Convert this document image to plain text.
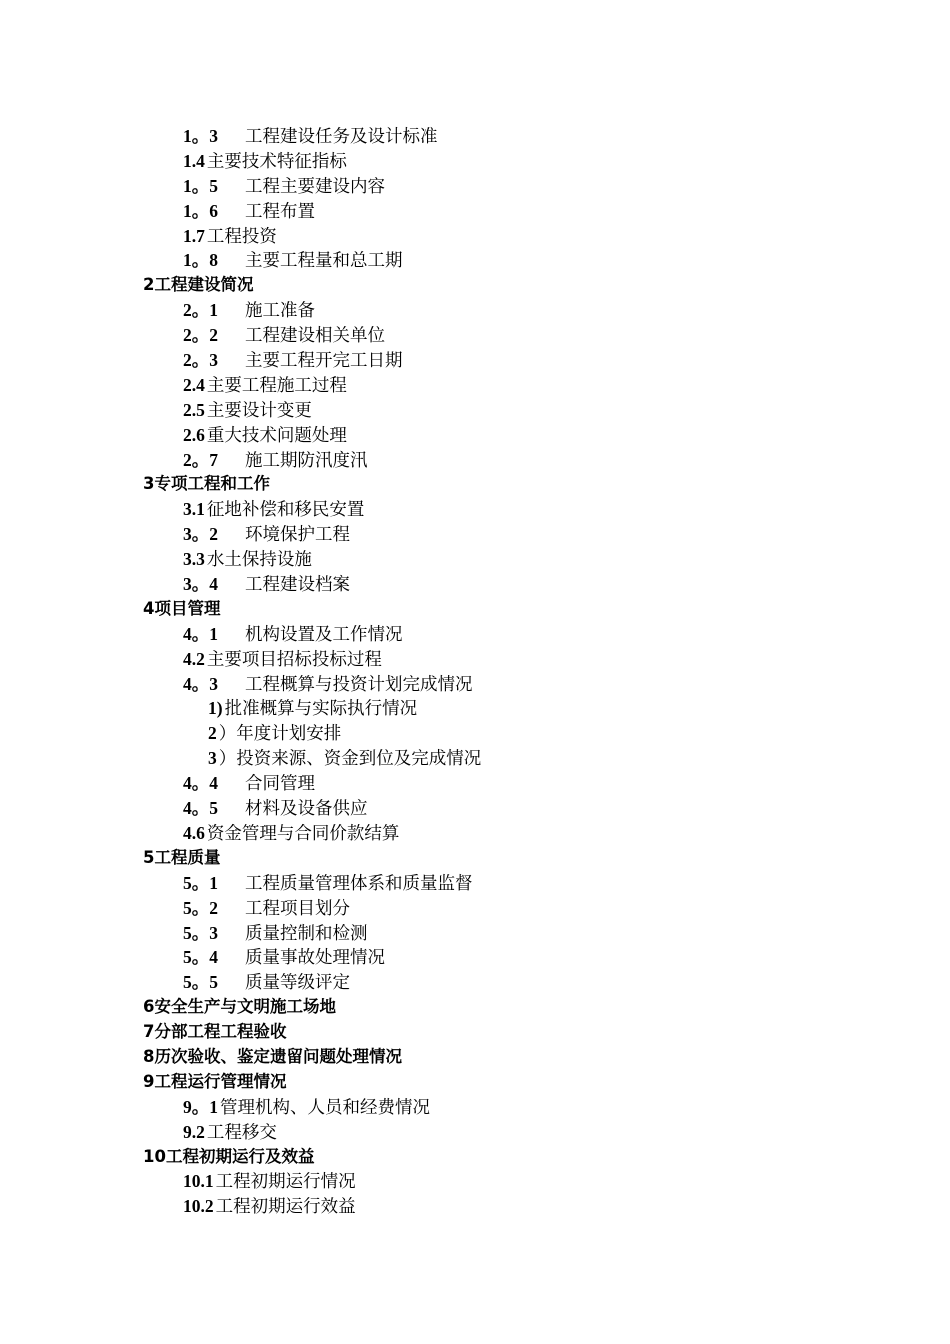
1。3 工程建设任务及设计标准
1.4 主要技术特征指标
1。5 工程主要建设内容
1。6 工程布置
1.7 工程投资
1。8 主要工程量和总工期
2工程建设简况
2。1 施工准备
2。2 工程建设相关单位
2。3 主要工程开完工日期
2.4 主要工程施工过程
2.5 主要设计变更
2.6 重大技术问题处理
2。7 施工期防汛度汛
3专项工程和工作
3.1 征地补偿和移民安置
3。2 环境保护工程
3.3 水土保持设施
3。4 工程建设档案
4项目管理
4。1 机构设置及工作情况
4.2 主要项目招标投标过程
4。3 工程概算与投资计划完成情况
1) 批准概算与实际执行情况
2 ）年度计划安排
3 ）投资来源、资金到位及完成情况
4。4 合同管理
4。5 材料及设备供应
4.6 资金管理与合同价款结算
5工程质量
5。1 工程质量管理体系和质量监督
5。2 工程项目划分
5。3 质量控制和检测
5。4 质量事故处理情况
5。5 质量等级评定
6安全生产与文明施工场地
7分部工程工程验收
8历次验收、鉴定遗留问题处理情况
9工程运行管理情况
9。1 管理机构、人员和经费情况
9.2 工程移交
10工程初期运行及效益
10.1 工程初期运行情况
10.2 工程初期运行效益
